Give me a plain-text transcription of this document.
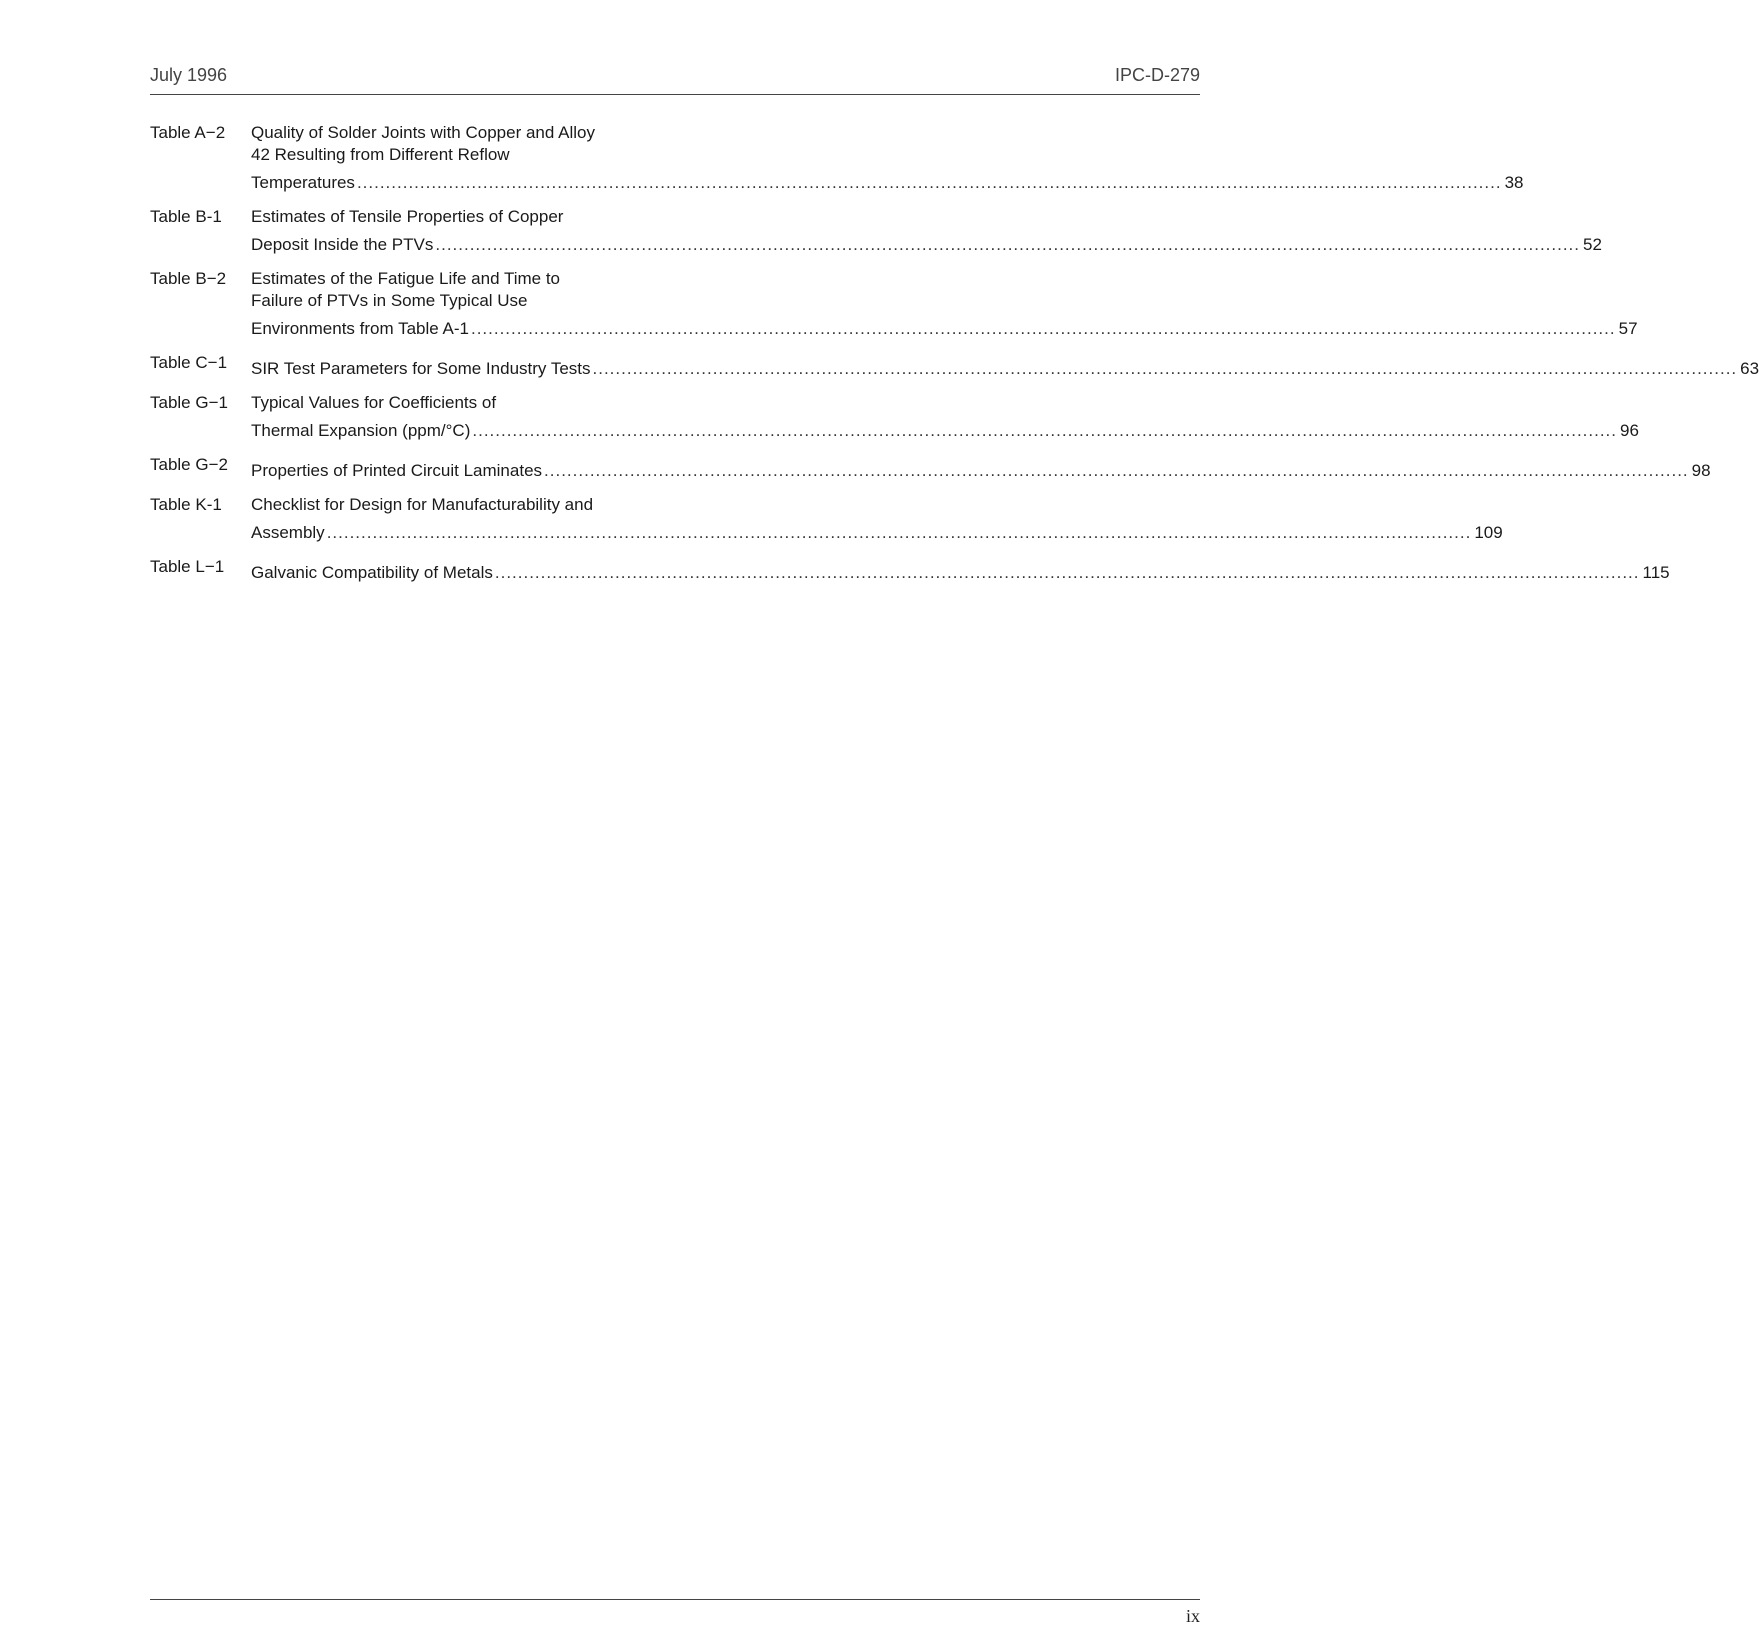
July 1996	IPC-D-279
Table A−2	Quality of Solder Joints with Copper and Alloy
42 Resulting from Different Reflow
Temperatures ........................................................................................................................................................................................................ 38
Table B-1	Estimates of Tensile Properties of Copper
Deposit Inside the PTVs ........................................................................................................................................................................................................ 52
Table B−2	Estimates of the Fatigue Life and Time to
Failure of PTVs in Some Typical Use
Environments from Table A-1 ........................................................................................................................................................................................................ 57
Table C−1	SIR Test Parameters for Some Industry Tests ........................................................................................................................................................................................................ 63
Table G−1	Typical Values for Coefficients of
Thermal Expansion (ppm/°C) ........................................................................................................................................................................................................ 96
Table G−2	Properties of Printed Circuit Laminates ........................................................................................................................................................................................................ 98
Table K-1	Checklist for Design for Manufacturability and
Assembly ........................................................................................................................................................................................................ 109
Table L−1	Galvanic Compatibility of Metals ........................................................................................................................................................................................................ 115
ix
